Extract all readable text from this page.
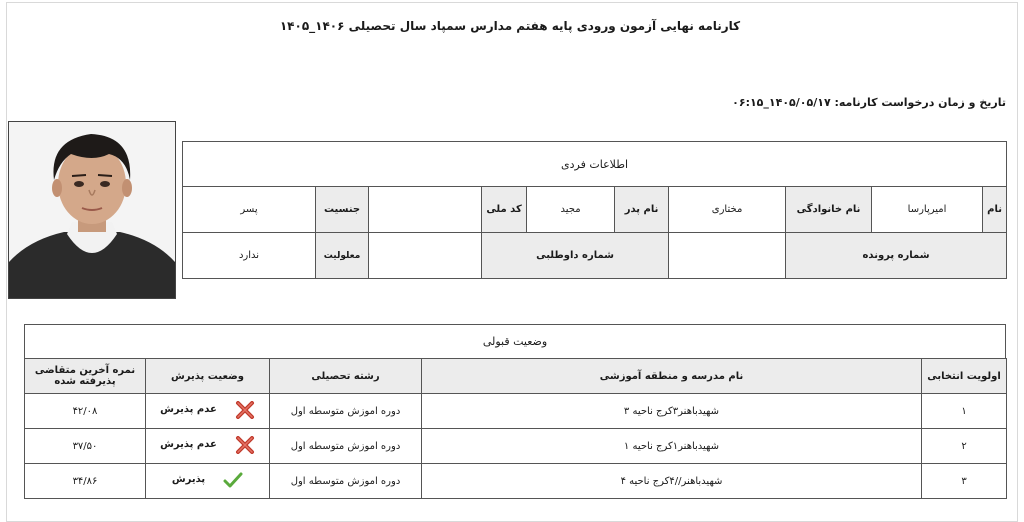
کارنامه نهایی آزمون ورودی پایه هفتم مدارس سمپاد سال تحصیلی ۱۴۰۶_۱۴۰۵
تاریخ و زمان درخواست کارنامه: ۱۴۰۵/۰۵/۱۷_۰۶:۱۵
اطلاعات فردی									
نام	امیرپارسا	نام خانوادگی	مختاری	نام پدر	مجید	کد ملی		جنسیت	پسر
شماره پرونده				شماره داوطلبی				معلولیت	ندارد
وضعیت قبولی
اولویت انتخابی	نام مدرسه و منطقه آموزشی	رشته تحصیلی	وضعیت پذیرش	نمره آخرین متقاضی پذیرفته شده
۱	شهیدباهنر۳کرج ناحیه ۳	دوره اموزش متوسطه اول	عدم پذیرش	۴۲/۰۸
۲	شهیدباهنر۱کرج ناحیه ۱	دوره اموزش متوسطه اول	عدم پذیرش	۳۷/۵۰
۳	شهیدباهنر//۴کرج ناحیه ۴	دوره اموزش متوسطه اول	پذیرش	۳۴/۸۶
